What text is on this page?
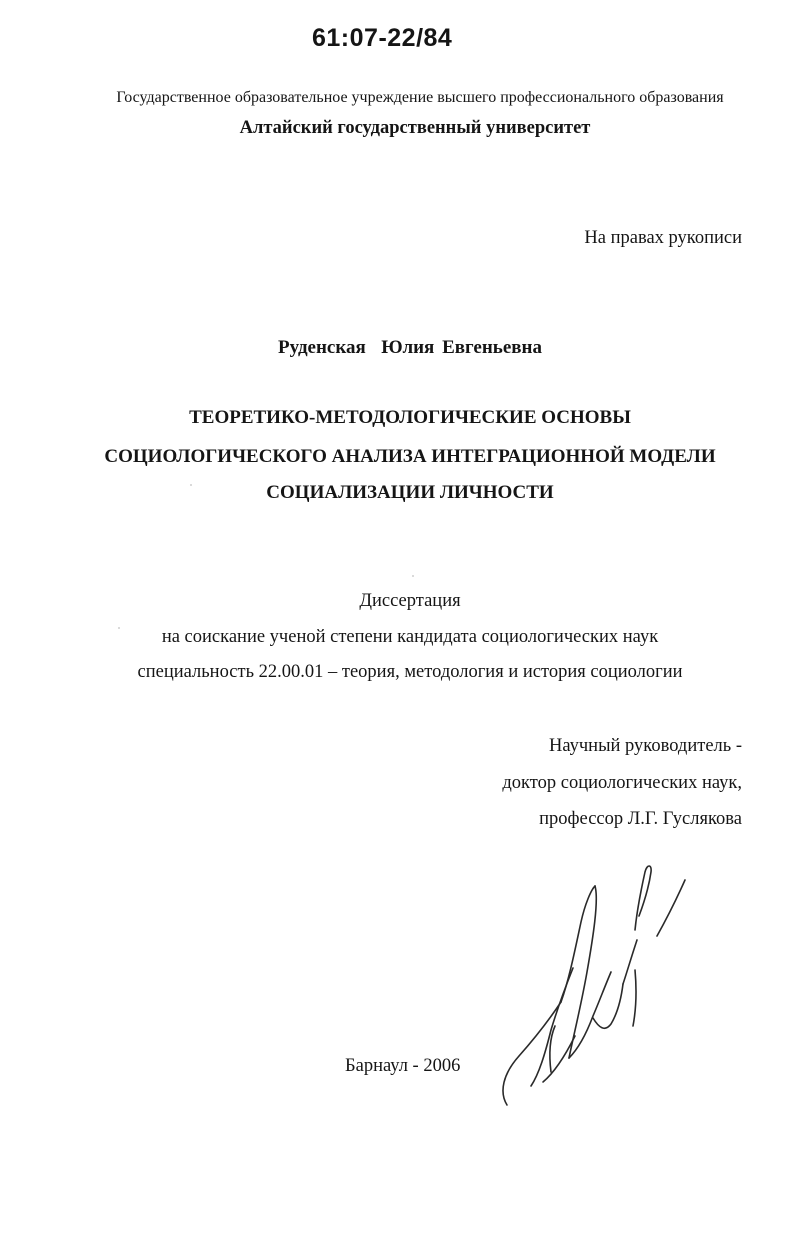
61:07-22/84
Государственное образовательное учреждение высшего профессионального образования
Алтайский государственный университет
На правах рукописи
Руденская  Юлия Евгеньевна
ТЕОРЕТИКО-МЕТОДОЛОГИЧЕСКИЕ ОСНОВЫ
СОЦИОЛОГИЧЕСКОГО АНАЛИЗА ИНТЕГРАЦИОННОЙ МОДЕЛИ
СОЦИАЛИЗАЦИИ ЛИЧНОСТИ
Диссертация
на соискание ученой степени кандидата социологических наук
специальность 22.00.01 – теория, методология и история социологии
Научный руководитель -
доктор социологических наук,
профессор Л.Г. Гуслякова
Барнаул - 2006
